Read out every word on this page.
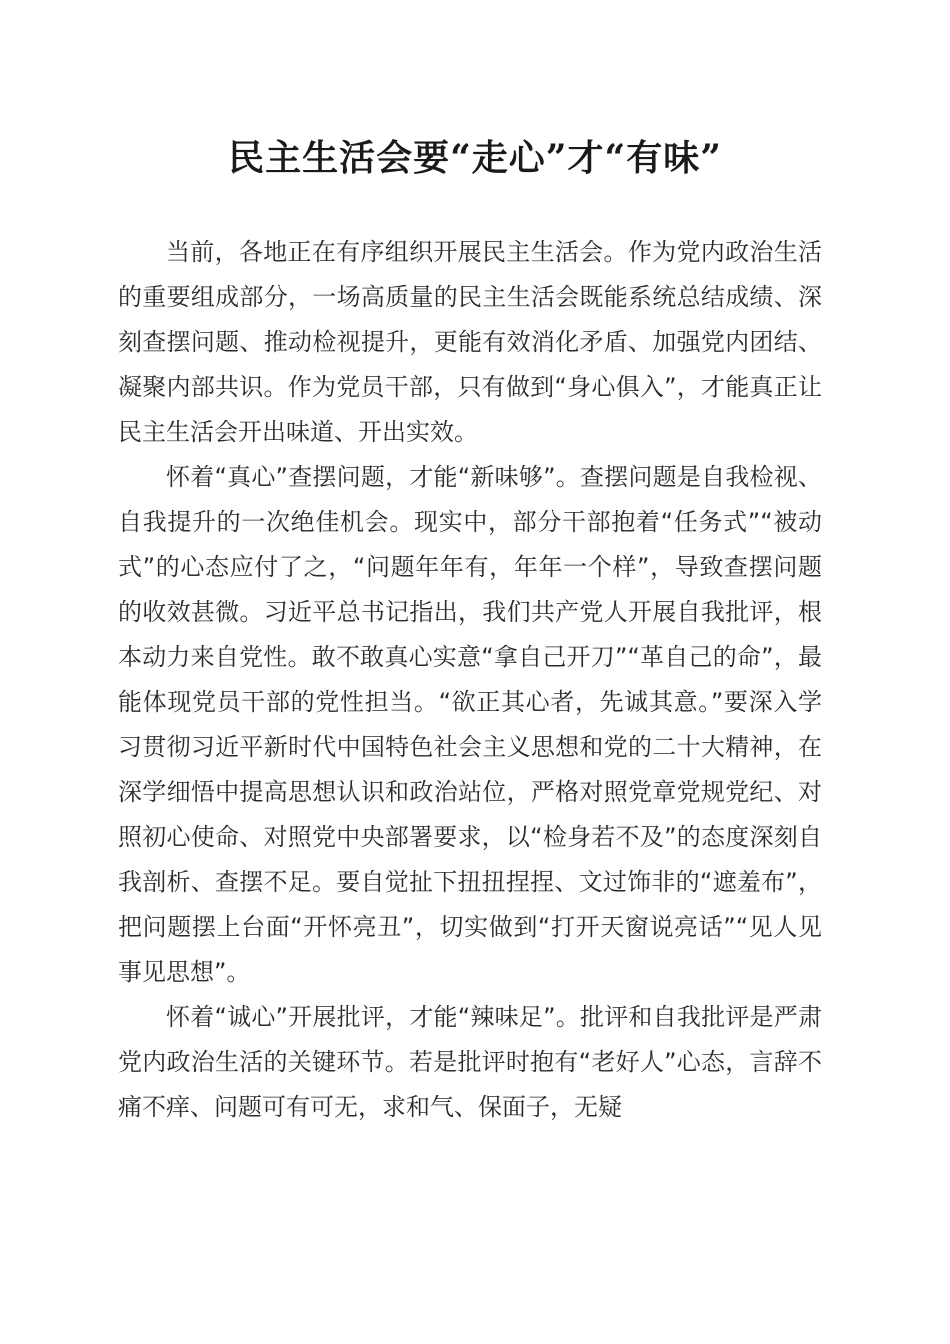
民主生活会要“走心”才“有味”

当前，各地正在有序组织开展民主生活会。作为党内政治生活的重要组成部分，一场高质量的民主生活会既能系统总结成绩、深刻查摆问题、推动检视提升，更能有效消化矛盾、加强党内团结、凝聚内部共识。作为党员干部，只有做到“身心俱入”，才能真正让民主生活会开出味道、开出实效。

怀着“真心”查摆问题，才能“新味够”。查摆问题是自我检视、自我提升的一次绝佳机会。现实中，部分干部抱着“任务式”“被动式”的心态应付了之，“问题年年有，年年一个样”，导致查摆问题的收效甚微。习近平总书记指出，我们共产党人开展自我批评，根本动力来自党性。敢不敢真心实意“拿自己开刀”“革自己的命”，最能体现党员干部的党性担当。“欲正其心者，先诚其意。”要深入学习贯彻习近平新时代中国特色社会主义思想和党的二十大精神，在深学细悟中提高思想认识和政治站位，严格对照党章党规党纪、对照初心使命、对照党中央部署要求，以“检身若不及”的态度深刻自我剖析、查摆不足。要自觉扯下扭扭捏捏、文过饰非的“遮羞布”，把问题摆上台面“开怀亮丑”，切实做到“打开天窗说亮话”“见人见事见思想”。

怀着“诚心”开展批评，才能“辣味足”。批评和自我批评是严肃党内政治生活的关键环节。若是批评时抱有“老好人”心态，言辞不痛不痒、问题可有可无，求和气、保面子，无疑
